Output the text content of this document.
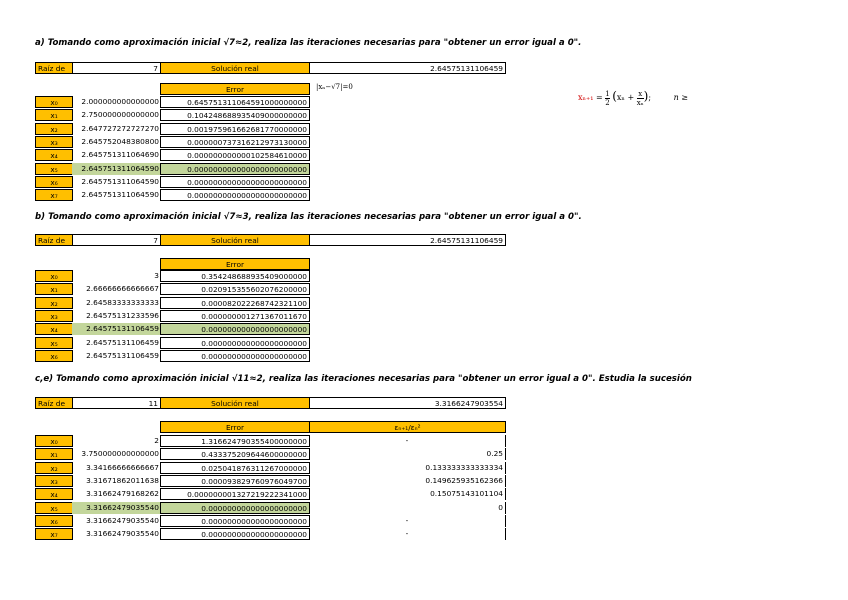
a) Tomando como aproximación inicial √7≈2, realiza las iteraciones necesarias para "obtener un error igual a 0".
Raíz de	7	Solución real	2.64575131106459
Error
x₀	2.000000000000000	0.645751311064591000000000
x₁	2.750000000000000	0.104248688935409000000000
x₂	2.647727272727270	0.001975961662681770000000
x₃	2.645752048380800	0.000000737316212973130000
x₄	2.645751311064690	0.000000000000102584610000
x₅	2.645751311064590	0.000000000000000000000000
x₆	2.645751311064590	0.000000000000000000000000
x₇	2.645751311064590	0.000000000000000000000000
|xₙ−√7|=0
$x_{n+1} = \frac{1}{2} (x_n + \frac{x}{\text{xₙ}}$ );	n ≥
b) Tomando como aproximación inicial √7≈3, realiza las iteraciones necesarias para "obtener un error igual a 0".
Raíz de	7	Solución real	2.64575131106459
Error
x₀	3	0.354248688935409000000
x₁	2.66666666666667	0.020915355602076200000
x₂	2.64583333333333	0.000082022268742321100
x₃	2.64575131233596	0.000000001271367011670
x₄	2.64575131106459	0.000000000000000000000
x₅	2.64575131106459	0.000000000000000000000
x₆	2.64575131106459	0.000000000000000000000
c,e) Tomando como aproximación inicial √11≈2, realiza las iteraciones necesarias para "obtener un error igual a 0". Estudia la sucesión
Raíz de	11	Solución real	3.3166247903554
Error	εₙ₊₁/εₙ²
x₀	2	1.316624790355400000000	-
x₁	3.750000000000000	0.433375209644600000000	0.25
x₂	3.34166666666667	0.025041876311267000000	0.133333333333334
x₃	3.31671862011638	0.000093829760976049700	0.149625935162366
x₄	3.31662479168262	0.000000001327219222341000	0.15075143101104
x₅	3.31662479035540	0.000000000000000000000	0
x₆	3.31662479035540	0.000000000000000000000	-
x₇	3.31662479035540	0.000000000000000000000	-
